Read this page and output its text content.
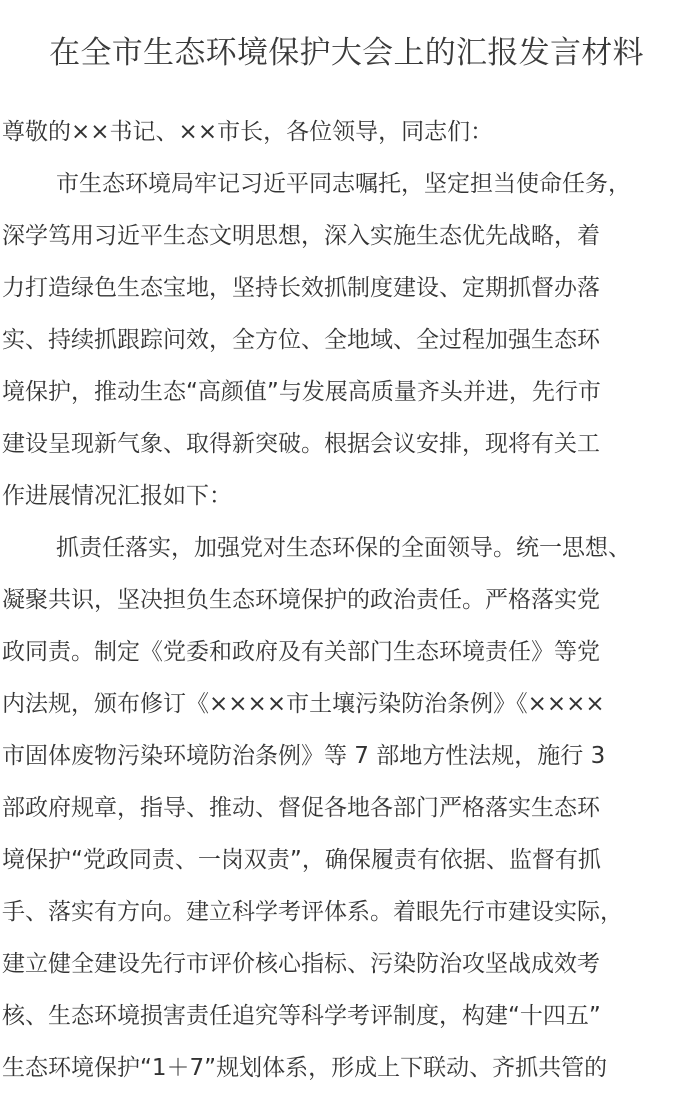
在全市生态环境保护大会上的汇报发言材料
尊敬的××书记、××市长，各位领导，同志们：
市生态环境局牢记习近平同志嘱托，坚定担当使命任务，
深学笃用习近平生态文明思想，深入实施生态优先战略，着
力打造绿色生态宝地，坚持长效抓制度建设、定期抓督办落
实、持续抓跟踪问效，全方位、全地域、全过程加强生态环
境保护，推动生态“高颜值”与发展高质量齐头并进，先行市
建设呈现新气象、取得新突破。根据会议安排，现将有关工
作进展情况汇报如下：
抓责任落实，加强党对生态环保的全面领导。统一思想、
凝聚共识，坚决担负生态环境保护的政治责任。严格落实党
政同责。制定《党委和政府及有关部门生态环境责任》等党
内法规，颁布修订《××××市土壤污染防治条例》《××××
市固体废物污染环境防治条例》等 7 部地方性法规，施行 3
部政府规章，指导、推动、督促各地各部门严格落实生态环
境保护“党政同责、一岗双责”，确保履责有依据、监督有抓
手、落实有方向。建立科学考评体系。着眼先行市建设实际，
建立健全建设先行市评价核心指标、污染防治攻坚战成效考
核、生态环境损害责任追究等科学考评制度，构建“十四五”
生态环境保护“1＋7”规划体系，形成上下联动、齐抓共管的
